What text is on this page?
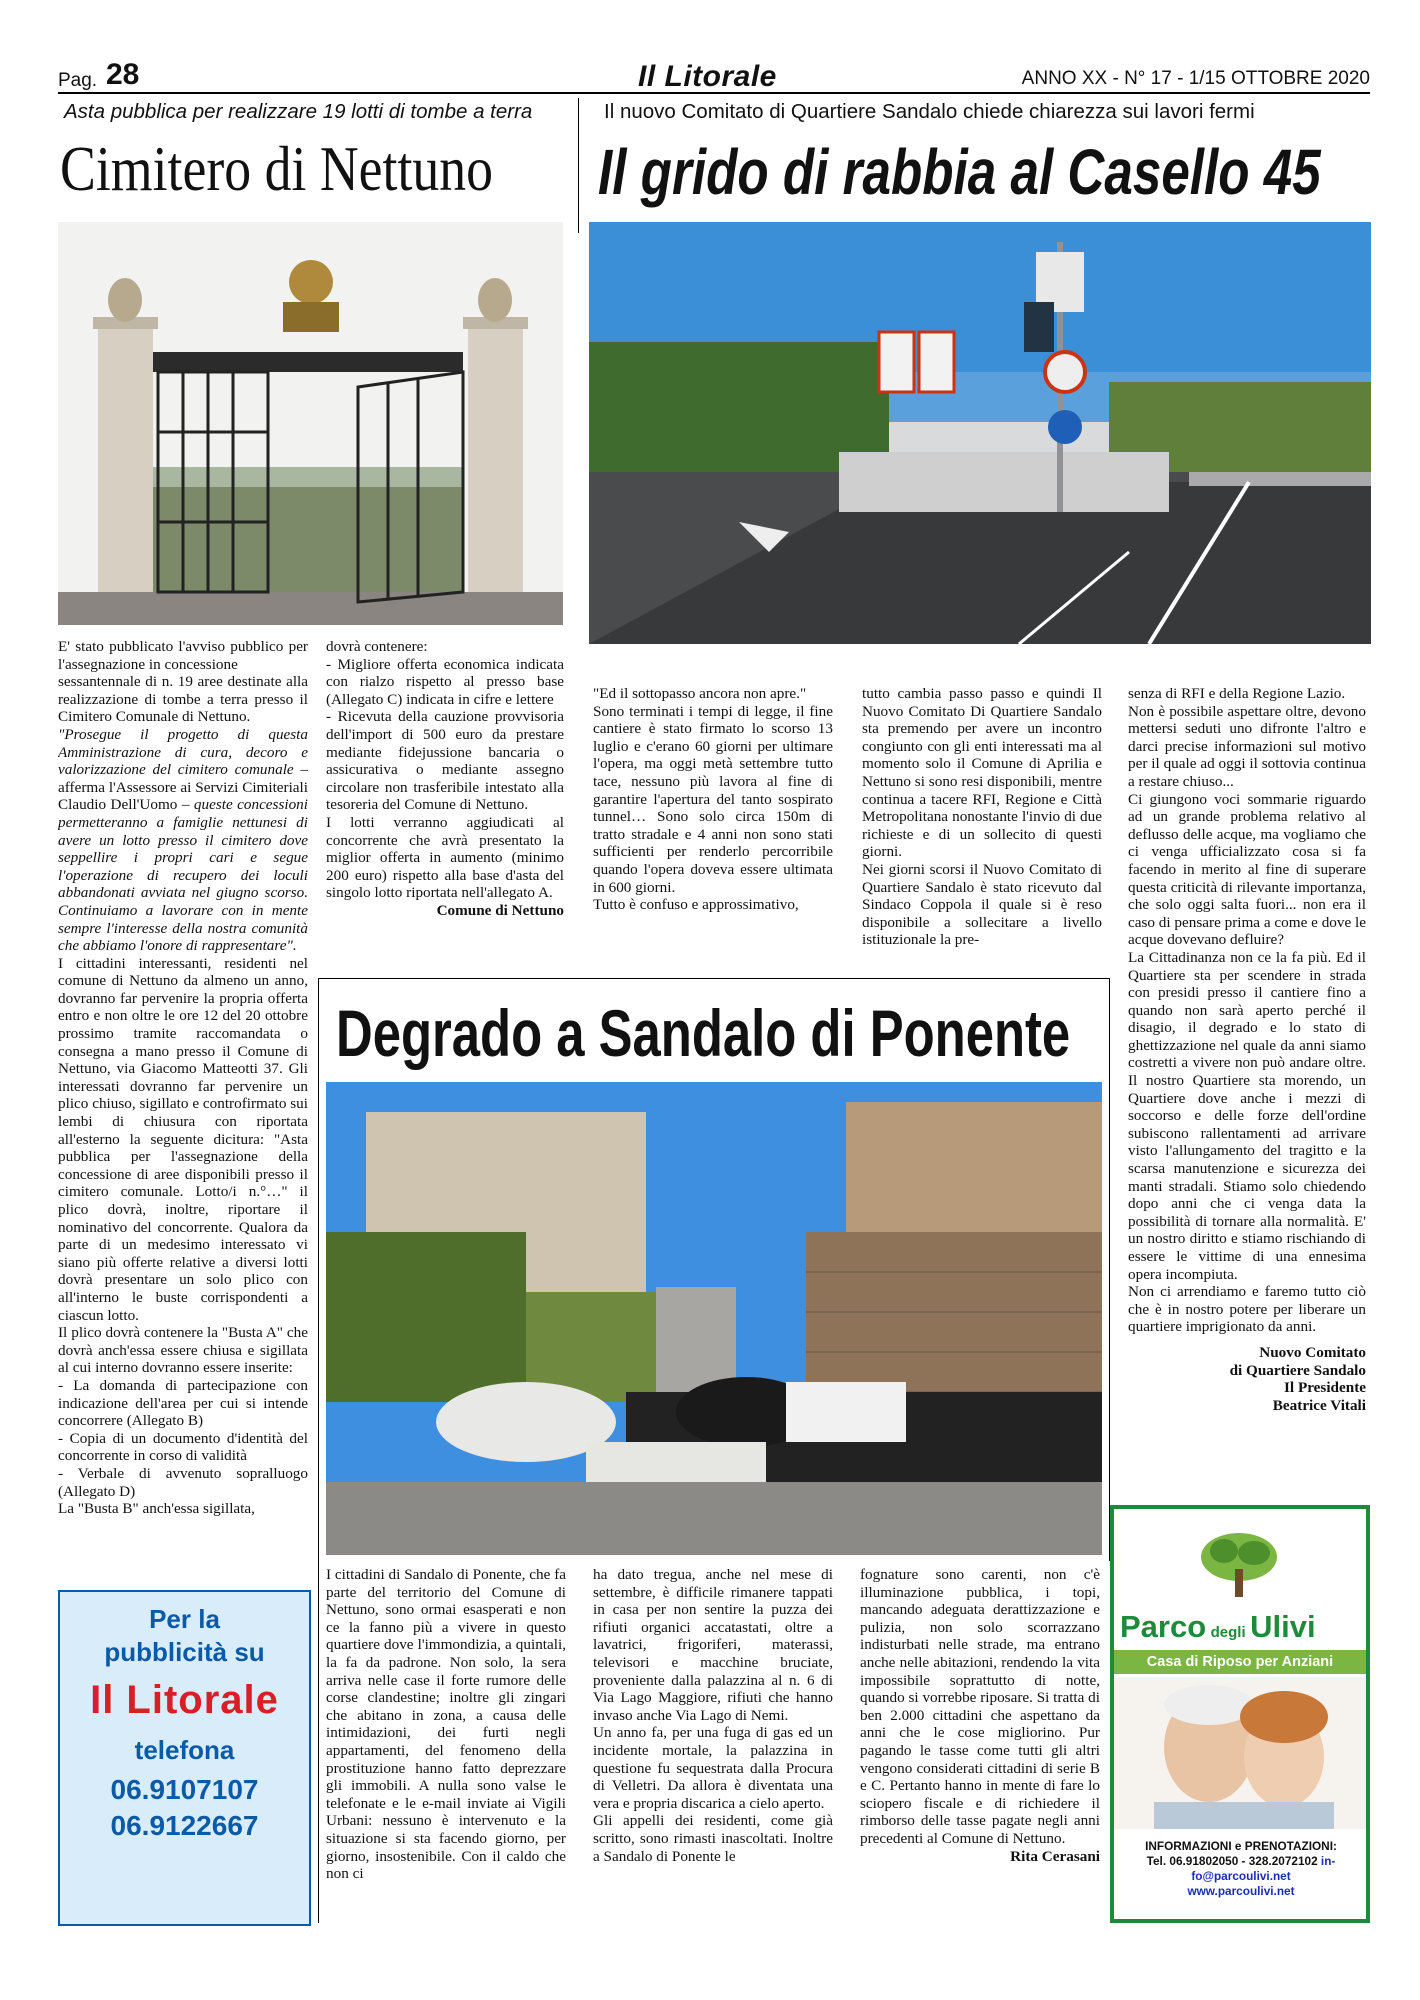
Pag. 28	Il Litorale	ANNO XX - N° 17 - 1/15 OTTOBRE 2020
Asta pubblica per realizzare 19 lotti di tombe a terra
Cimitero di Nettuno

E' stato pubblicato l'avviso pubblico per l'assegnazione in concessione

sessantennale di n. 19 aree destinate alla realizzazione di tombe a terra presso il Cimitero Comunale di Nettuno.

"Prosegue il progetto di questa Amministrazione di cura, decoro e valorizzazione del cimitero comunale – afferma l'Assessore ai Servizi Cimiteriali Claudio Dell'Uomo – queste concessioni permetteranno a famiglie nettunesi di avere un lotto presso il cimitero dove seppellire i propri cari e segue l'operazione di recupero dei loculi abbandonati avviata nel giugno scorso. Continuiamo a lavorare con in mente sempre l'interesse della nostra comunità che abbiamo l'onore di rappresentare".

I cittadini interessanti, residenti nel comune di Nettuno da almeno un anno, dovranno far pervenire la propria offerta entro e non oltre le ore 12 del 20 ottobre prossimo tramite raccomandata o consegna a mano presso il Comune di Nettuno, via Giacomo Matteotti 37. Gli interessati dovranno far pervenire un plico chiuso, sigillato e controfirmato sui lembi di chiusura con riportata all'esterno la seguente dicitura: "Asta pubblica per l'assegnazione della concessione di aree disponibili presso il cimitero comunale. Lotto/i n.°…" il plico dovrà, inoltre, riportare il nominativo del concorrente. Qualora da parte di un medesimo interessato vi siano più offerte relative a diversi lotti dovrà presentare un solo plico con all'interno le buste corrispondenti a ciascun lotto.

Il plico dovrà contenere la "Busta A" che dovrà anch'essa essere chiusa e sigillata al cui interno dovranno essere inserite:

- La domanda di partecipazione con indicazione dell'area per cui si intende concorrere (Allegato B)

- Copia di un documento d'identità del concorrente in corso di validità

- Verbale di avvenuto sopralluogo (Allegato D)

La "Busta B" anch'essa sigillata,

dovrà contenere:

- Migliore offerta economica indicata con rialzo rispetto al presso base (Allegato C) indicata in cifre e lettere

- Ricevuta della cauzione provvisoria dell'import di 500 euro da prestare mediante fidejussione bancaria o assicurativa o mediante assegno circolare non trasferibile intestato alla tesoreria del Comune di Nettuno.

I lotti verranno aggiudicati al concorrente che avrà presentato la miglior offerta in aumento (minimo 200 euro) rispetto alla base d'asta del singolo lotto riportata nell'allegato A.

Comune di Nettuno

Il nuovo Comitato di Quartiere Sandalo chiede chiarezza sui lavori fermi
Il grido di rabbia al Casello 45

"Ed il sottopasso ancora non apre."

Sono terminati i tempi di legge, il fine cantiere è stato firmato lo scorso 13 luglio e c'erano 60 giorni per ultimare l'opera, ma oggi metà settembre tutto tace, nessuno più lavora al fine di garantire l'apertura del tanto sospirato tunnel… Sono solo circa 150m di tratto stradale e 4 anni non sono stati sufficienti per renderlo percorribile quando l'opera doveva essere ultimata in 600 giorni.

Tutto è confuso e approssimativo,

tutto cambia passo passo e quindi Il Nuovo Comitato Di Quartiere Sandalo sta premendo per avere un incontro congiunto con gli enti interessati ma al momento solo il Comune di Aprilia e Nettuno si sono resi disponibili, mentre continua a tacere RFI, Regione e Città Metropolitana nonostante l'invio di due richieste e di un sollecito di questi giorni.

Nei giorni scorsi il Nuovo Comitato di Quartiere Sandalo è stato ricevuto dal Sindaco Coppola il quale si è reso disponibile a sollecitare a livello istituzionale la pre-

senza di RFI e della Regione Lazio.

Non è possibile aspettare oltre, devono mettersi seduti uno difronte l'altro e darci precise informazioni sul motivo per il quale ad oggi il sottovia continua a restare chiuso...

Ci giungono voci sommarie riguardo ad un grande problema relativo al deflusso delle acque, ma vogliamo che ci venga ufficializzato cosa si fa facendo in merito al fine di superare questa criticità di rilevante importanza, che solo oggi salta fuori... non era il caso di pensare prima a come e dove le acque dovevano defluire?

La Cittadinanza non ce la fa più. Ed il Quartiere sta per scendere in strada con presidi presso il cantiere fino a quando non sarà aperto perché il disagio, il degrado e lo stato di ghettizzazione nel quale da anni siamo costretti a vivere non può andare oltre. Il nostro Quartiere sta morendo, un Quartiere dove anche i mezzi di soccorso e delle forze dell'ordine subiscono rallentamenti ad arrivare visto l'allungamento del tragitto e la scarsa manutenzione e sicurezza dei manti stradali. Stiamo solo chiedendo dopo anni che ci venga data la possibilità di tornare alla normalità. E' un nostro diritto e stiamo rischiando di essere le vittime di una ennesima opera incompiuta.

Non ci arrendiamo e faremo tutto ciò che è in nostro potere per liberare un quartiere imprigionato da anni.

Nuovo Comitato

di Quartiere Sandalo

Il Presidente

Beatrice Vitali

Degrado a Sandalo di Ponente

I cittadini di Sandalo di Ponente, che fa parte del territorio del Comune di Nettuno, sono ormai esasperati e non ce la fanno più a vivere in questo quartiere dove l'immondizia, a quintali, la fa da padrone. Non solo, la sera arriva nelle case il forte rumore delle corse clandestine; inoltre gli zingari che abitano in zona, a causa delle intimidazioni, dei furti negli appartamenti, del fenomeno della prostituzione hanno fatto deprezzare gli immobili. A nulla sono valse le telefonate e le e-mail inviate ai Vigili Urbani: nessuno è intervenuto e la situazione si sta facendo giorno, per giorno, insostenibile. Con il caldo che non ci

ha dato tregua, anche nel mese di settembre, è difficile rimanere tappati in casa per non sentire la puzza dei rifiuti organici accatastati, oltre a lavatrici, frigoriferi, materassi, televisori e macchine bruciate, proveniente dalla palazzina al n. 6 di Via Lago Maggiore, rifiuti che hanno invaso anche Via Lago di Nemi.

Un anno fa, per una fuga di gas ed un incidente mortale, la palazzina in questione fu sequestrata dalla Procura di Velletri. Da allora è diventata una vera e propria discarica a cielo aperto.

Gli appelli dei residenti, come già scritto, sono rimasti inascoltati. Inoltre a Sandalo di Ponente le

fognature sono carenti, non c'è illuminazione pubblica, i topi, mancando adeguata derattizzazione e pulizia, non solo scorrazzano indisturbati nelle strade, ma entrano anche nelle abitazioni, rendendo la vita impossibile soprattutto di notte, quando si vorrebbe riposare. Si tratta di ben 2.000 cittadini che aspettano da anni che le cose migliorino. Pur pagando le tasse come tutti gli altri vengono considerati cittadini di serie B e C. Pertanto hanno in mente di fare lo sciopero fiscale e di richiedere il rimborso delle tasse pagate negli anni precedenti al Comune di Nettuno.

Rita Cerasani

Per la
pubblicità su
Il Litorale
telefona
06.9107107
06.9122667
Parco degli Ulivi
Casa di Riposo per Anziani
INFORMAZIONI e PRENOTAZIONI:
Tel. 06.91802050 - 328.2072102 in-
fo@parcoulivi.net
www.parcoulivi.net
